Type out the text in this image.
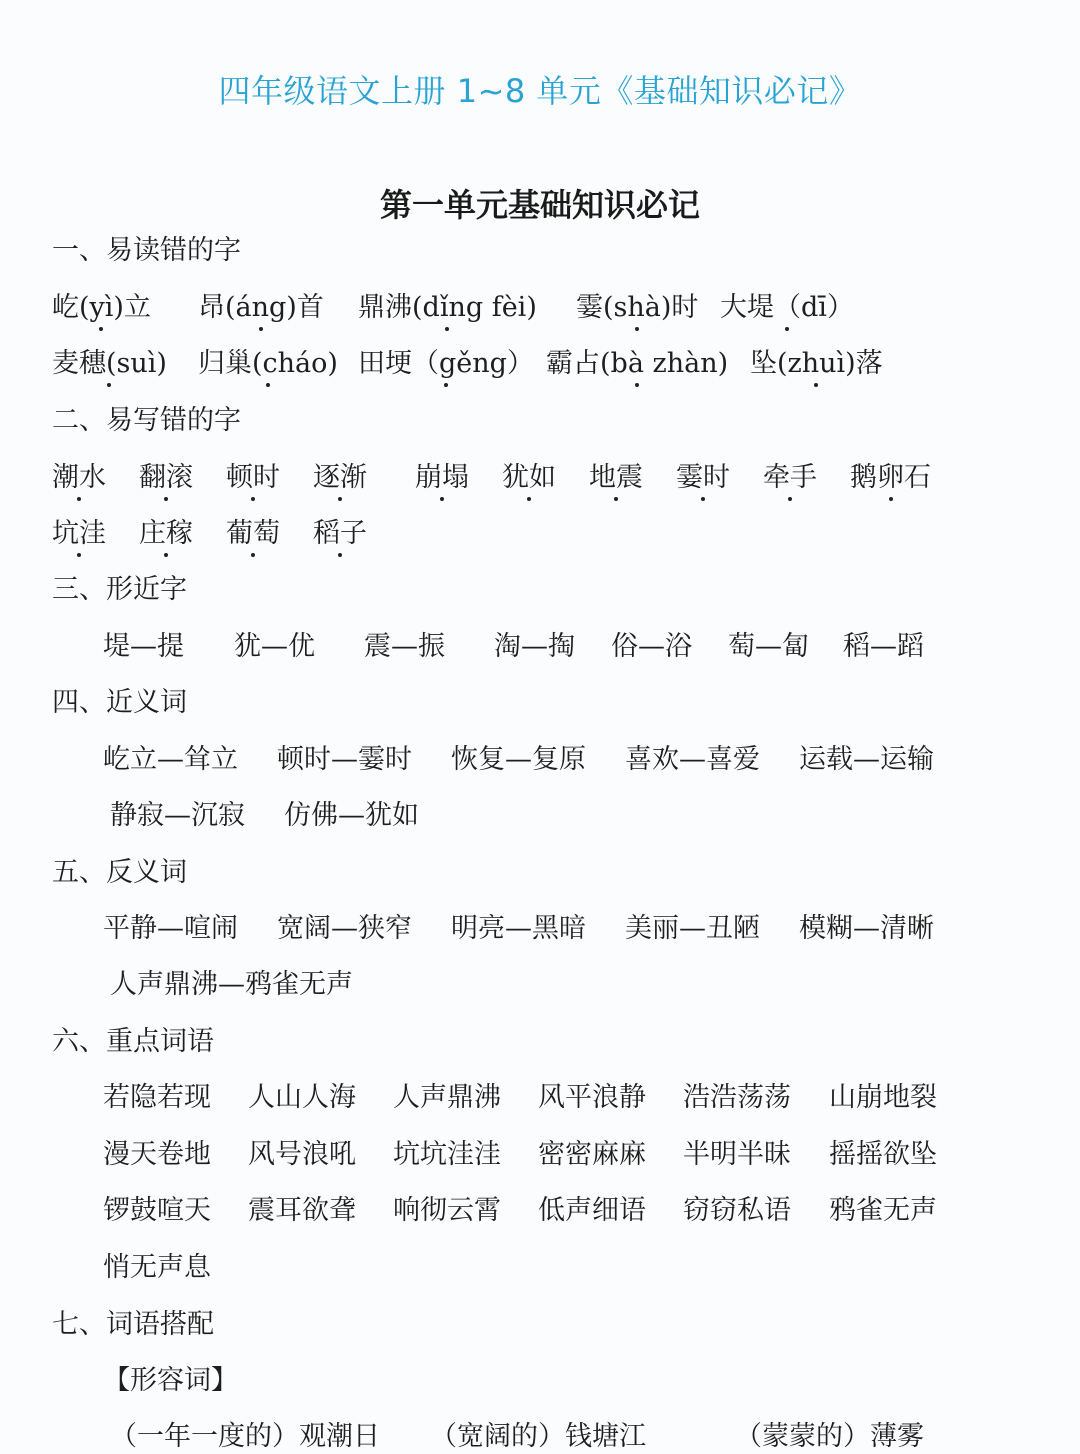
四年级语文上册 1~8 单元《基础知识必记》
第一单元基础知识必记
一、易读错的字
屹(yì)立 昂(áng)首 鼎沸(dǐng fèi) 霎(shà)时 大堤（dī）
麦穗(suì) 归巢(cháo) 田埂（gěng） 霸占(bà zhàn) 坠(zhuì)落
二、易写错的字
潮水 翻滚 顿时 逐渐 崩塌 犹如 地震 霎时 牵手 鹅卵石
坑洼 庄稼 葡萄 稻子
三、形近字
堤—提 犹—优 震—振 淘—掏 俗—浴 萄—匐 稻—蹈
四、近义词
屹立—耸立 顿时—霎时 恢复—复原 喜欢—喜爱 运载—运输
静寂—沉寂 仿佛—犹如
五、反义词
平静—喧闹 宽阔—狭窄 明亮—黑暗 美丽—丑陋 模糊—清晰
人声鼎沸—鸦雀无声
六、重点词语
若隐若现 人山人海 人声鼎沸 风平浪静 浩浩荡荡 山崩地裂
漫天卷地 风号浪吼 坑坑洼洼 密密麻麻 半明半昧 摇摇欲坠
锣鼓喧天 震耳欲聋 响彻云霄 低声细语 窃窃私语 鸦雀无声
悄无声息
七、词语搭配
【形容词】
（一年一度的）观潮日 （宽阔的）钱塘江	（蒙蒙的）薄雾
